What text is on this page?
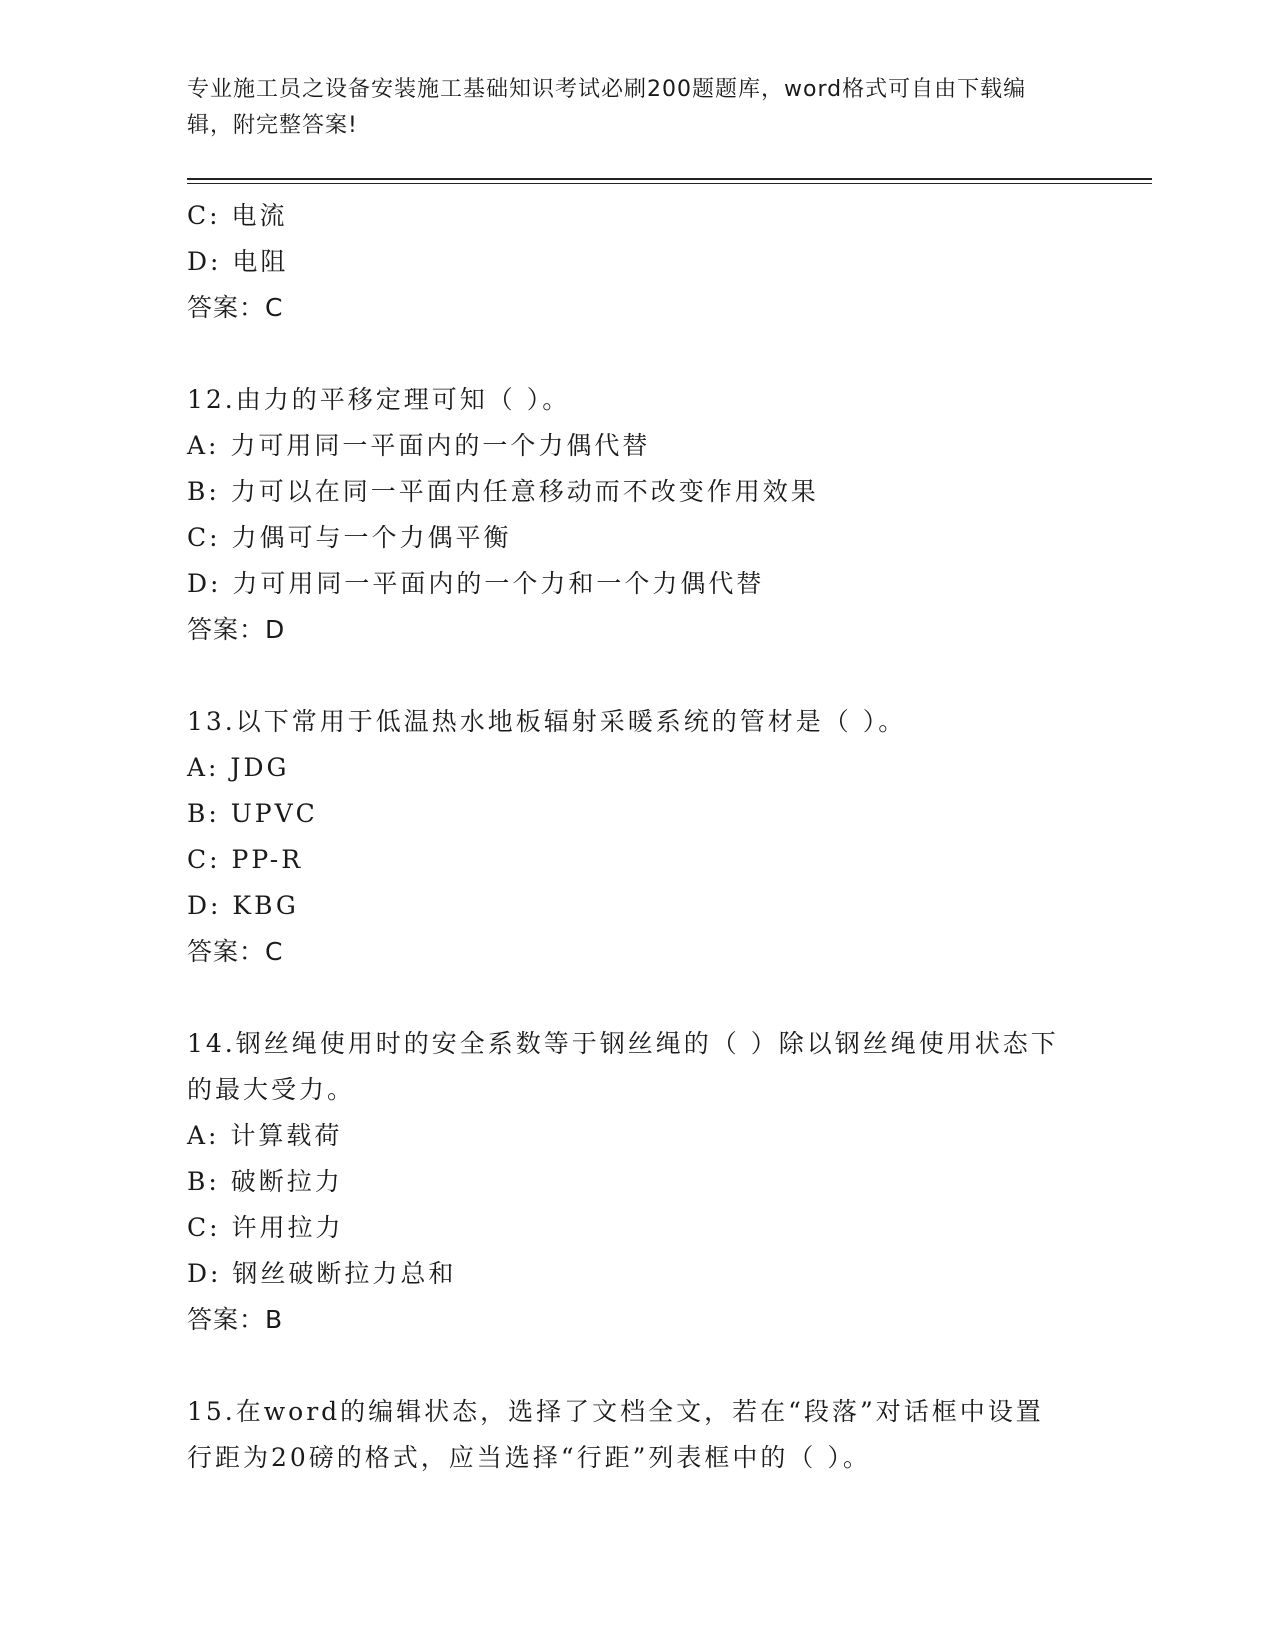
专业施工员之设备安装施工基础知识考试必刷200题题库，word格式可自由下载编辑，附完整答案!
C: 电流
D: 电阻
答案：C
12.由力的平移定理可知（ ）。
A: 力可用同一平面内的一个力偶代替
B: 力可以在同一平面内任意移动而不改变作用效果
C: 力偶可与一个力偶平衡
D: 力可用同一平面内的一个力和一个力偶代替
答案：D
13.以下常用于低温热水地板辐射采暖系统的管材是（ ）。
A: JDG
B: UPVC
C: PP-R
D: KBG
答案：C
14.钢丝绳使用时的安全系数等于钢丝绳的（ ）除以钢丝绳使用状态下的最大受力。
A: 计算载荷
B: 破断拉力
C: 许用拉力
D: 钢丝破断拉力总和
答案：B
15.在word的编辑状态，选择了文档全文，若在“段落”对话框中设置行距为20磅的格式，应当选择“行距”列表框中的（ ）。
